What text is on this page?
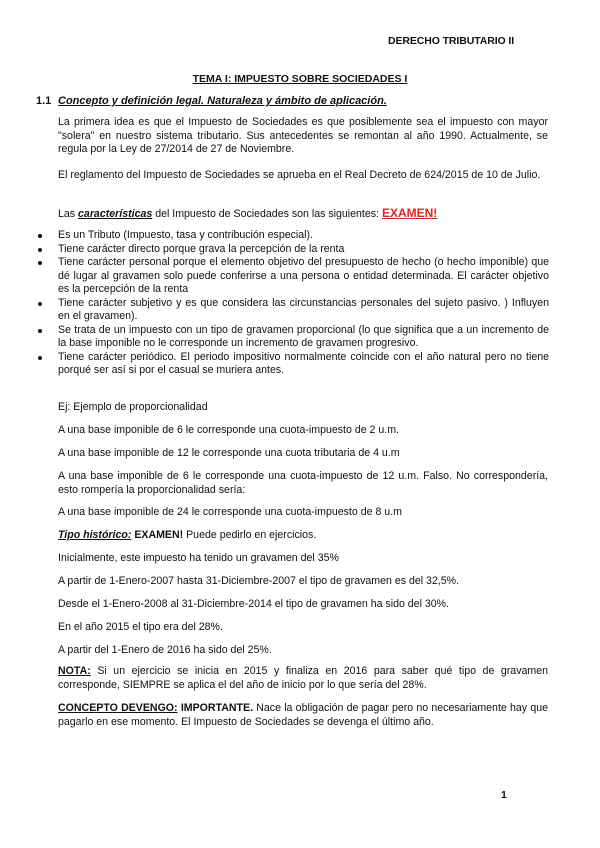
DERECHO TRIBUTARIO II
TEMA I: IMPUESTO SOBRE SOCIEDADES I
1.1 Concepto y definición legal. Naturaleza y ámbito de aplicación.

La primera idea es que el Impuesto de Sociedades es que posiblemente sea el impuesto con mayor "solera" en nuestro sistema tributario. Sus antecedentes se remontan al año 1990. Actualmente, se regula por la Ley de 27/2014 de 27 de Noviembre.

El reglamento del Impuesto de Sociedades se aprueba en el Real Decreto de 624/2015 de 10 de Julio.

Las características del Impuesto de Sociedades son las siguientes: EXAMEN!
Es un Tributo (Impuesto, tasa y contribución especial).
Tiene carácter directo porque grava la percepción de la renta
Tiene carácter personal porque el elemento objetivo del presupuesto de hecho (o hecho imponible) que dé lugar al gravamen solo puede conferirse a una persona o entidad determinada. El carácter objetivo es la percepción de la renta
Tiene carácter subjetivo y es que considera las circunstancias personales del sujeto pasivo. ) Influyen en el gravamen).
Se trata de un impuesto con un tipo de gravamen proporcional (lo que significa que a un incremento de la base imponible no le corresponde un incremento de gravamen progresivo.
Tiene carácter periódico. El periodo impositivo normalmente coincide con el año natural pero no tiene porqué ser así si por el casual se muriera antes.
Ej: Ejemplo de proporcionalidad
A una base imponible de 6 le corresponde una cuota-impuesto de 2 u.m.
A una base imponible de 12 le corresponde una cuota tributaria de 4 u.m
A una base imponible de 6 le corresponde una cuota-impuesto de 12 u.m. Falso. No correspondería, esto rompería la proporcionalidad sería:
A una base imponible de 24 le corresponde una cuota-impuesto de 8 u.m
Tipo histórico: EXAMEN! Puede pedirlo en ejercicios.
Inicialmente, este impuesto ha tenido un gravamen del 35%
A partir de 1-Enero-2007 hasta 31-Diciembre-2007 el tipo de gravamen es del 32,5%.
Desde el 1-Enero-2008 al 31-Diciembre-2014 el tipo de gravamen ha sido del 30%.
En el año 2015 el tipo era del 28%.
A partir del 1-Enero de 2016 ha sido del 25%.
NOTA: Si un ejercicio se inicia en 2015 y finaliza en 2016 para saber qué tipo de gravamen corresponde, SIEMPRE se aplica el del año de inicio por lo que sería del 28%.
CONCEPTO DEVENGO: IMPORTANTE. Nace la obligación de pagar pero no necesariamente hay que pagarlo en ese momento. El Impuesto de Sociedades se devenga el último año.
1
